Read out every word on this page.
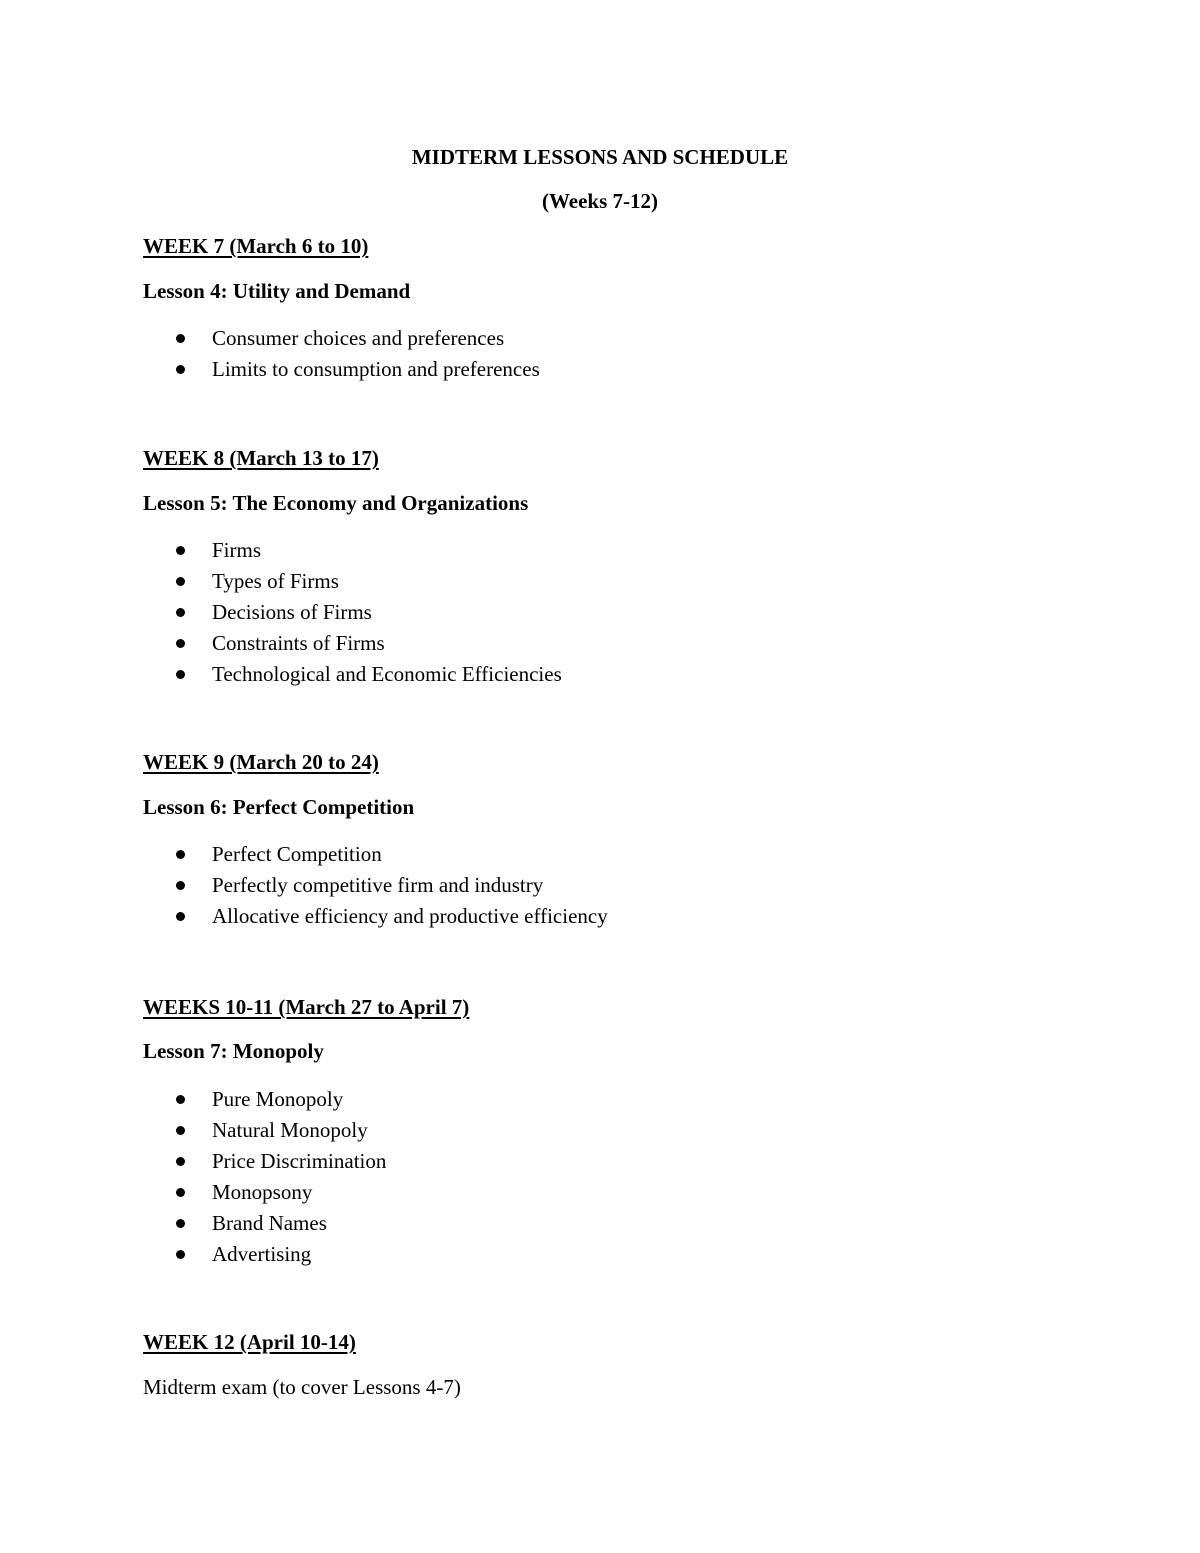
MIDTERM LESSONS AND SCHEDULE
(Weeks 7-12)
WEEK 7 (March 6 to 10)
Lesson 4: Utility and Demand
Consumer choices and preferences
Limits to consumption and preferences
WEEK 8 (March 13 to 17)
Lesson 5: The Economy and Organizations
Firms
Types of Firms
Decisions of Firms
Constraints of Firms
Technological and Economic Efficiencies
WEEK 9 (March 20 to 24)
Lesson 6: Perfect Competition
Perfect Competition
Perfectly competitive firm and industry
Allocative efficiency and productive efficiency
WEEKS 10-11 (March 27 to April 7)
Lesson 7: Monopoly
Pure Monopoly
Natural Monopoly
Price Discrimination
Monopsony
Brand Names
Advertising
WEEK 12 (April 10-14)
Midterm exam (to cover Lessons 4-7)
